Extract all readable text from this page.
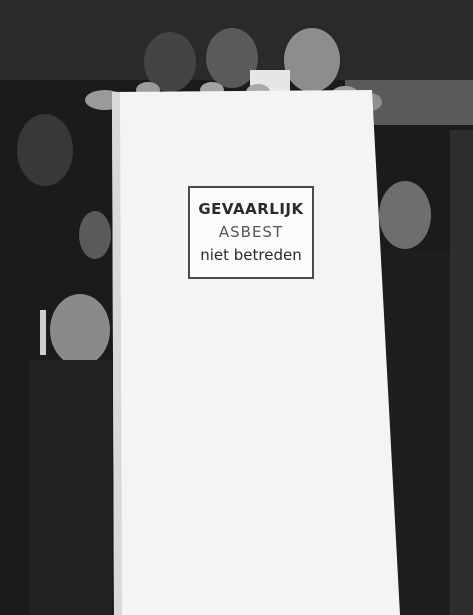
GEVAARLIJK
ASBEST
niet betreden
